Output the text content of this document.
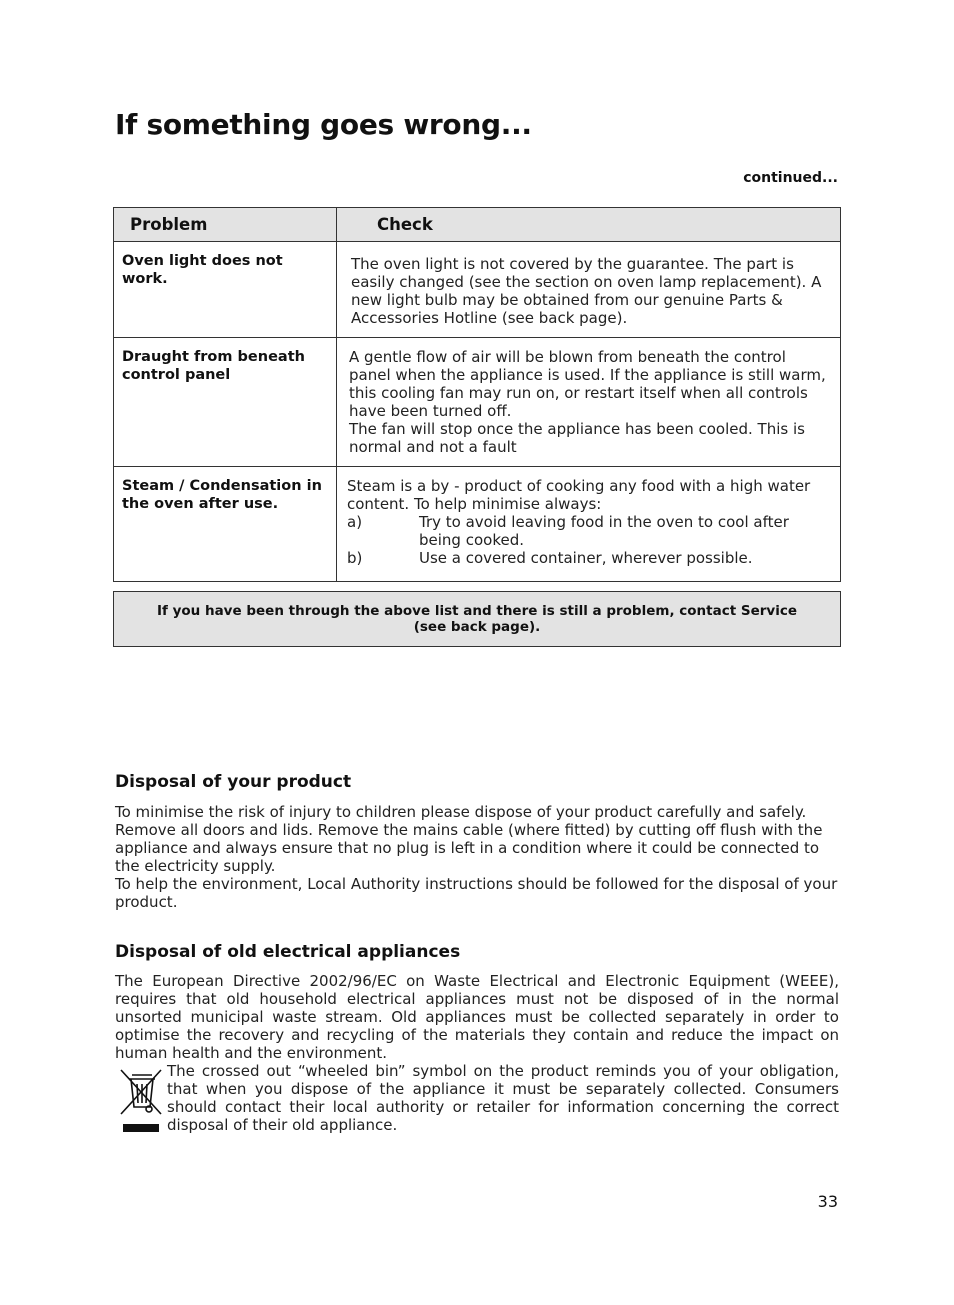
If something goes wrong...
continued...
Problem	Check
Oven light does not work.	The oven light is not covered by the guarantee. The part is easily changed (see the section on oven lamp replacement). A new light bulb may be obtained from our genuine Parts & Accessories Hotline (see back page).
Draught from beneath control panel	A gentle flow of air will be blown from beneath the control panel when the appliance is used. If the appliance is still warm, this cooling fan may run on, or restart itself when all controls have been turned off.
The fan will stop once the appliance has been cooled. This is normal and not a fault

Steam / Condensation in the oven after use.	Steam is a by - product of cooking any food with a high water content. To help minimise always:
a) Try to avoid leaving food in the oven to cool after being cooked.
b) Use a covered container, wherever possible.
If you have been through the above list and there is still a problem, contact Service
(see back page).
Disposal of your product
To minimise the risk of injury to children please dispose of your product carefully and safely. Remove all doors and lids. Remove the mains cable (where fitted) by cutting off flush with the appliance and always ensure that no plug is left in a condition where it could be connected to the electricity supply.
To help the environment, Local Authority instructions should be followed for the disposal of your product.
Disposal of old electrical appliances
The European Directive 2002/96/EC on Waste Electrical and Electronic Equipment (WEEE), requires that old household electrical appliances must not be disposed of in the normal unsorted municipal waste stream. Old appliances must be collected separately in order to optimise the recovery and recycling of the materials they contain and reduce the impact on human health and the environment.
The crossed out “wheeled bin” symbol on the product reminds you of your obligation, that when you dispose of the appliance it must be separately collected. Consumers should contact their local authority or retailer for information concerning the correct disposal of their old appliance.
33
